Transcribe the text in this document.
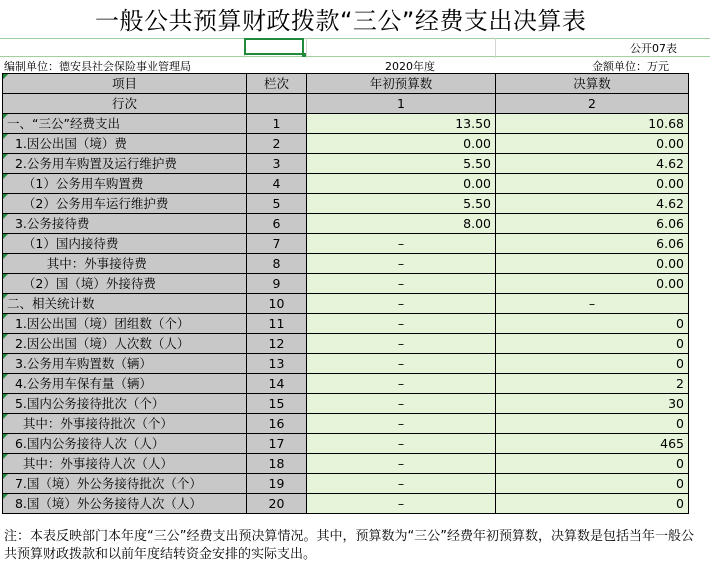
一般公共预算财政拨款“三公”经费支出决算表
公开07表
编制单位：德安县社会保险事业管理局	2020年度	金额单位：万元
项目	栏次	年初预算数	决算数
行次		1	2
一、“三公”经费支出	1	13.50	10.68
1.因公出国（境）费	2	0.00	0.00
2.公务用车购置及运行维护费	3	5.50	4.62
（1）公务用车购置费	4	0.00	0.00
（2）公务用车运行维护费	5	5.50	4.62
3.公务接待费	6	8.00	6.06
（1）国内接待费	7	–	6.06
其中：外事接待费	8	–	0.00
（2）国（境）外接待费	9	–	0.00
二、相关统计数	10	–	–
1.因公出国（境）团组数（个）	11	–	0
2.因公出国（境）人次数（人）	12	–	0
3.公务用车购置数（辆）	13	–	0
4.公务用车保有量（辆）	14	–	2
5.国内公务接待批次（个）	15	–	30
其中：外事接待批次（个）	16	–	0
6.国内公务接待人次（人）	17	–	465
其中：外事接待人次（人）	18	–	0
7.国（境）外公务接待批次（个）	19	–	0
8.国（境）外公务接待人次（人）	20	–	0
注：本表反映部门本年度“三公”经费支出预决算情况。其中，预算数为“三公”经费年初预算数，决算数是包括当年一般公共预算财政拨款和以前年度结转资金安排的实际支出。
